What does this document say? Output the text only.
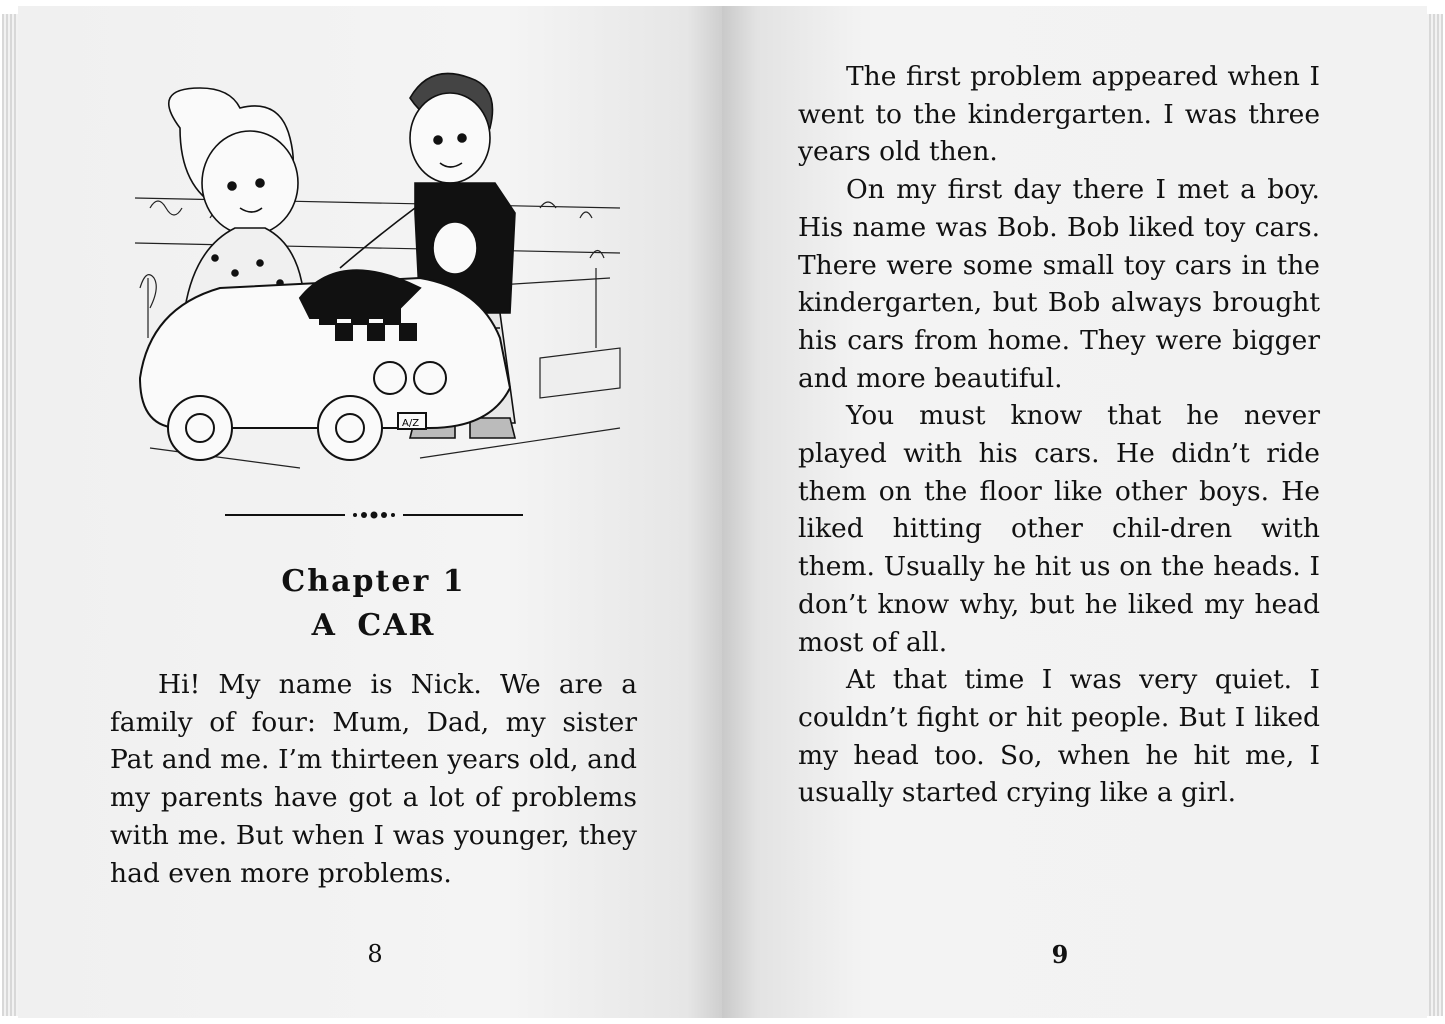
A/Z
Chapter 1
A CAR

Hi! My name is Nick. We are a family of four: Mum, Dad, my sister Pat and me. I’m thirteen years old, and my parents have got a lot of problems with me. But when I was younger, they had even more problems.

8

The first problem appeared when I went to the kindergarten. I was three years old then.

On my first day there I met a boy. His name was Bob. Bob liked toy cars. There were some small toy cars in the kindergarten, but Bob always brought his cars from home. They were bigger and more beautiful.

You must know that he never played with his cars. He didn’t ride them on the floor like other boys. He liked hitting other chil-dren with them. Usually he hit us on the heads. I don’t know why, but he liked my head most of all.

At that time I was very quiet. I couldn’t fight or hit people. But I liked my head too. So, when he hit me, I usually started crying like a girl.

9
